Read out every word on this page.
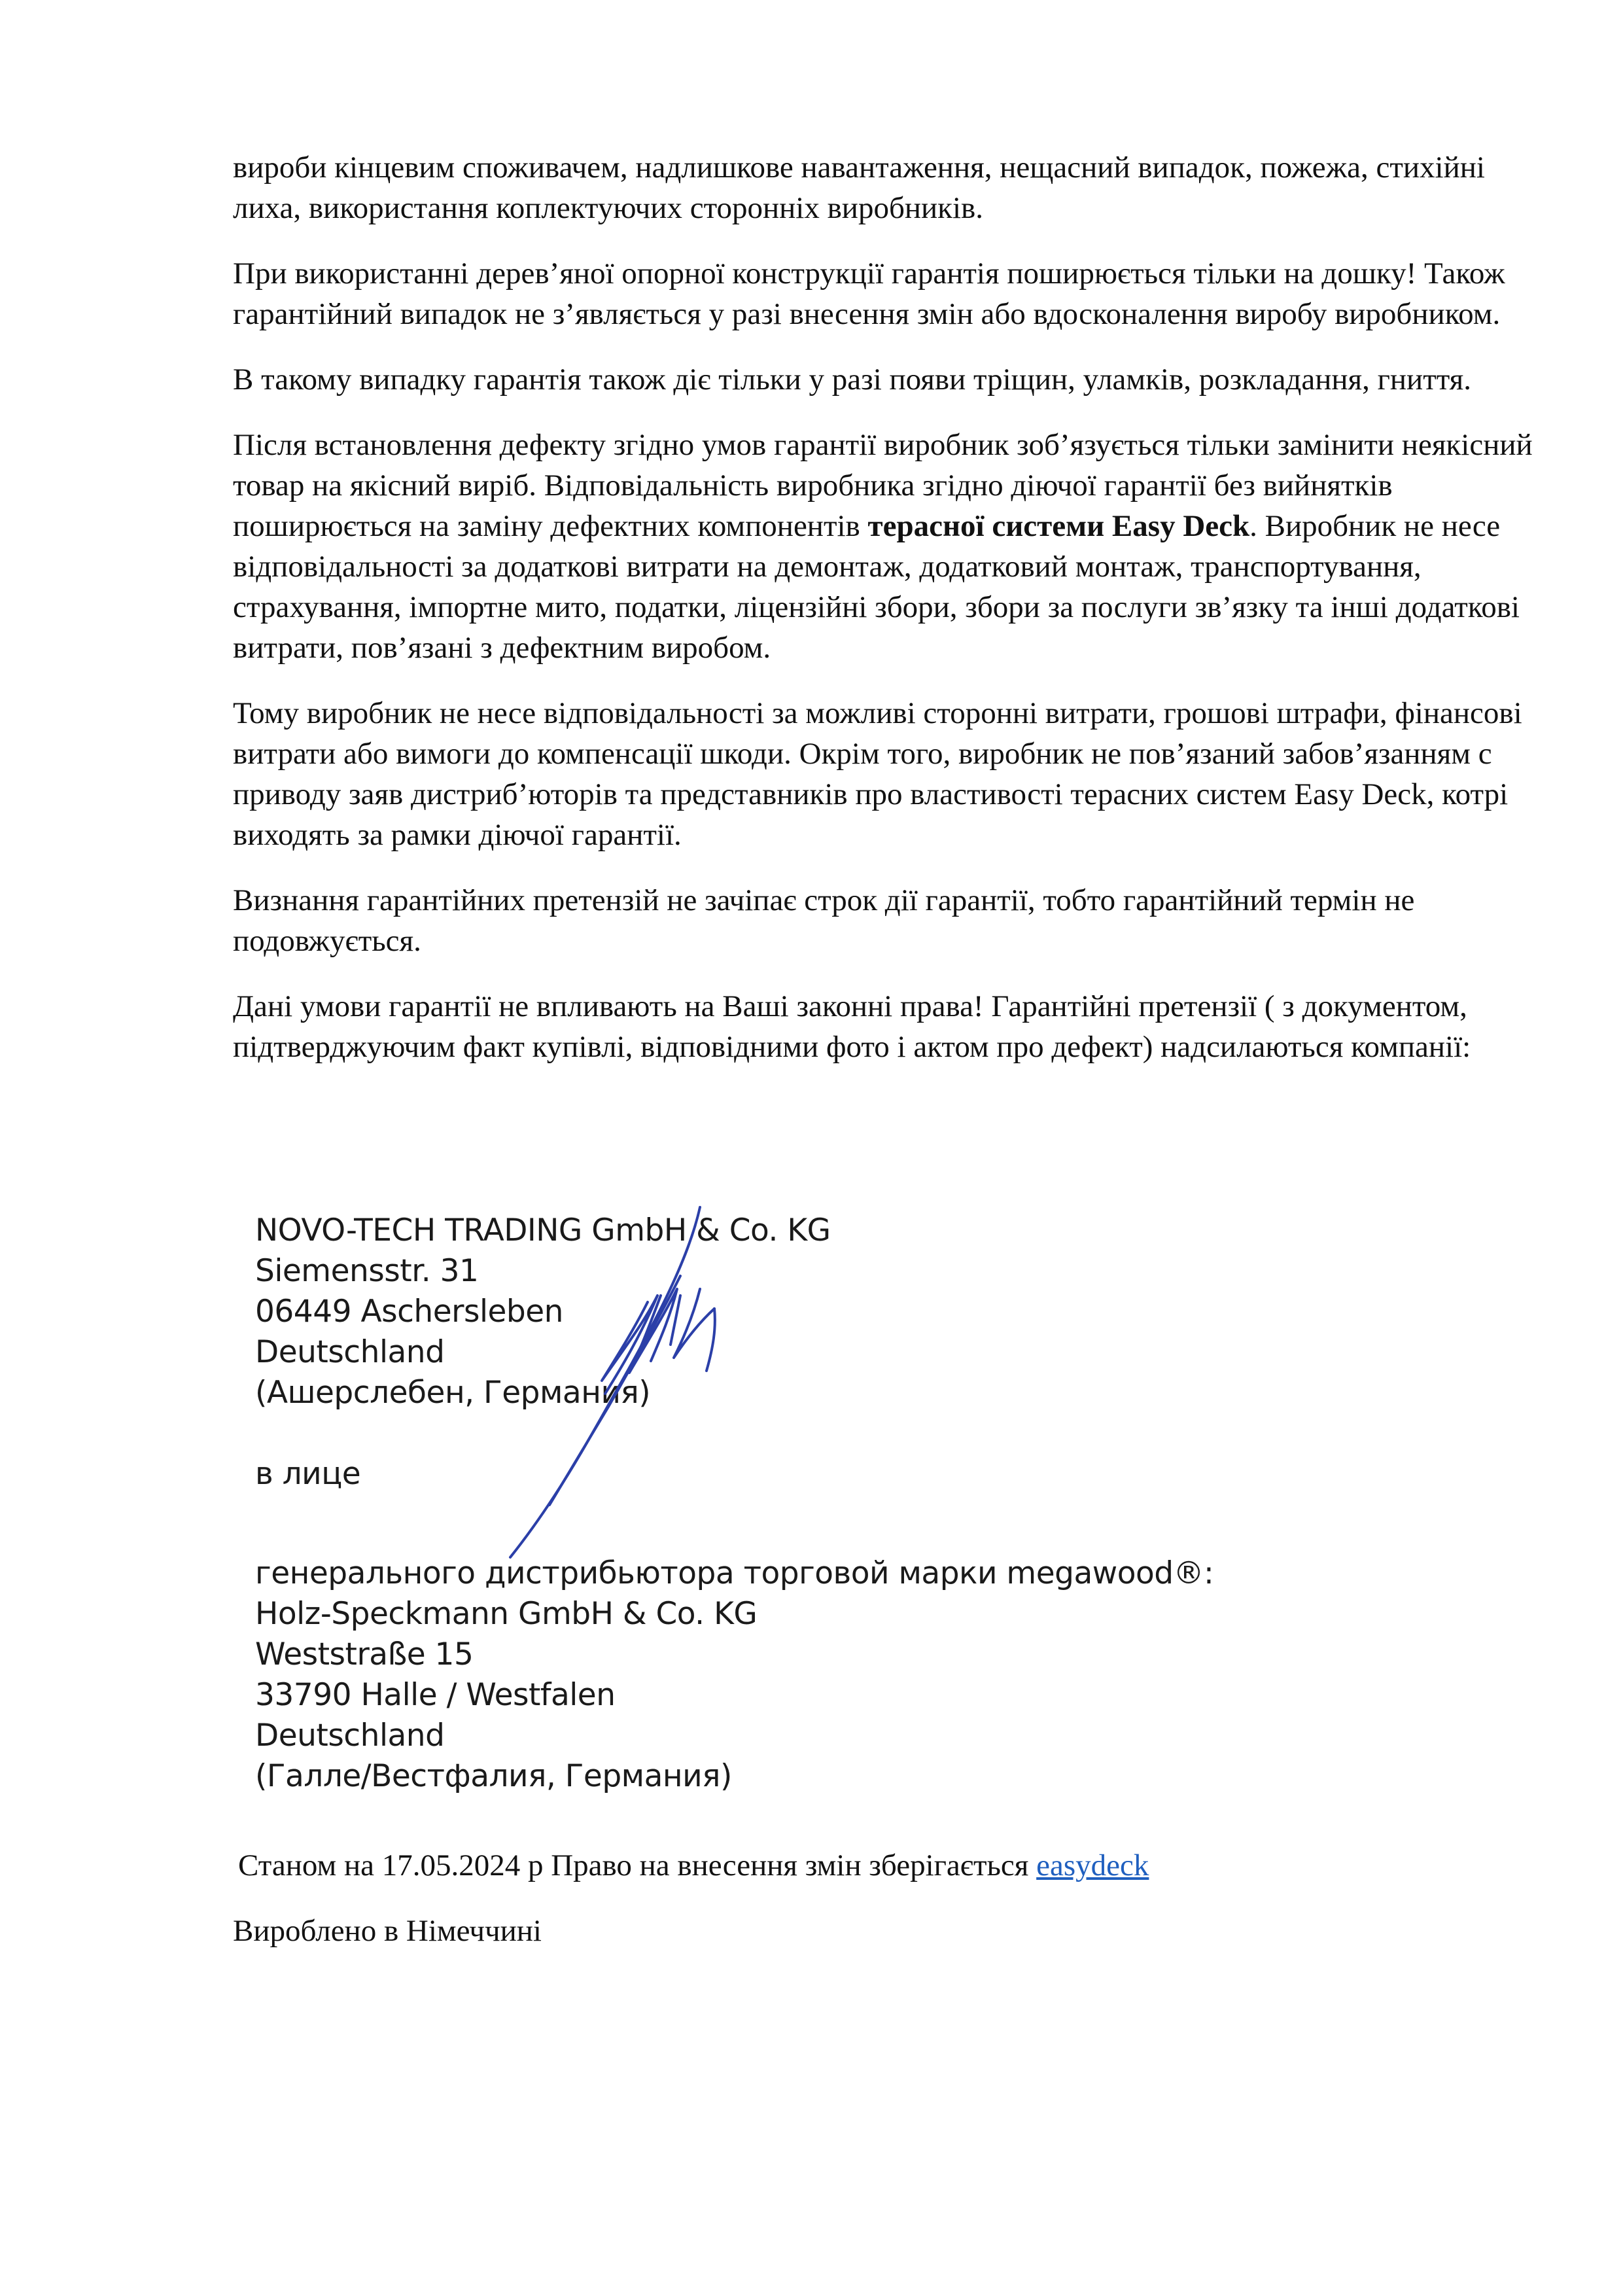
вироби кінцевим споживачем, надлишкове навантаження, нещасний випадок, пожежа, стихійні лиха, використання коплектуючих сторонніх виробників.

При використанні дерев’яної опорної конструкції гарантія поширюється тільки на дошку! Також гарантійний випадок не з’являється у разі внесення змін або вдосконалення виробу виробником.

В такому випадку гарантія також діє тільки у разі появи тріщин, уламків, розкладання, гниття.

Після встановлення дефекту згідно умов гарантії виробник зоб’язується тільки замінити неякісний товар на якісний виріб. Відповідальність виробника згідно діючої гарантії без вийнятків поширюється на заміну дефектних компонентів терасної системи Easy Deck. Виробник не несе відповідальності за додаткові витрати на демонтаж, додатковий монтаж, транспортування, страхування, імпортне мито, податки, ліцензійні збори, збори за послуги зв’язку та інші додаткові витрати, пов’язані з дефектним виробом.

Тому виробник не несе відповідальності за можливі сторонні витрати, грошові штрафи, фінансові витрати або вимоги до компенсації шкоди. Окрім того, виробник не пов’язаний забов’язанням с приводу заяв дистриб’юторів та представників про властивості терасних систем Easy Deck, котрі виходять за рамки діючої гарантії.

Визнання гарантійних претензій не зачіпає строк дії гарантії, тобто гарантійний термін не подовжується.

Дані умови гарантії не впливають на Ваші законні права! Гарантійні претензії ( з документом, підтверджуючим факт купівлі, відповідними фото і актом про дефект) надсилаються компанії:

NOVO-TECH TRADING GmbH & Co. KG
Siemensstr. 31
06449 Aschersleben
Deutschland
(Ашерслебен, Германия)
в лице
генерального дистрибьютора торговой марки megawood®:
Holz-Speckmann GmbH & Co. KG
Weststraße 15
33790 Halle / Westfalen
Deutschland
(Галле/Вестфалия, Германия)
Станом на 17.05.2024 р Право на внесення змін зберігається easydeck
Вироблено в Німеччині
